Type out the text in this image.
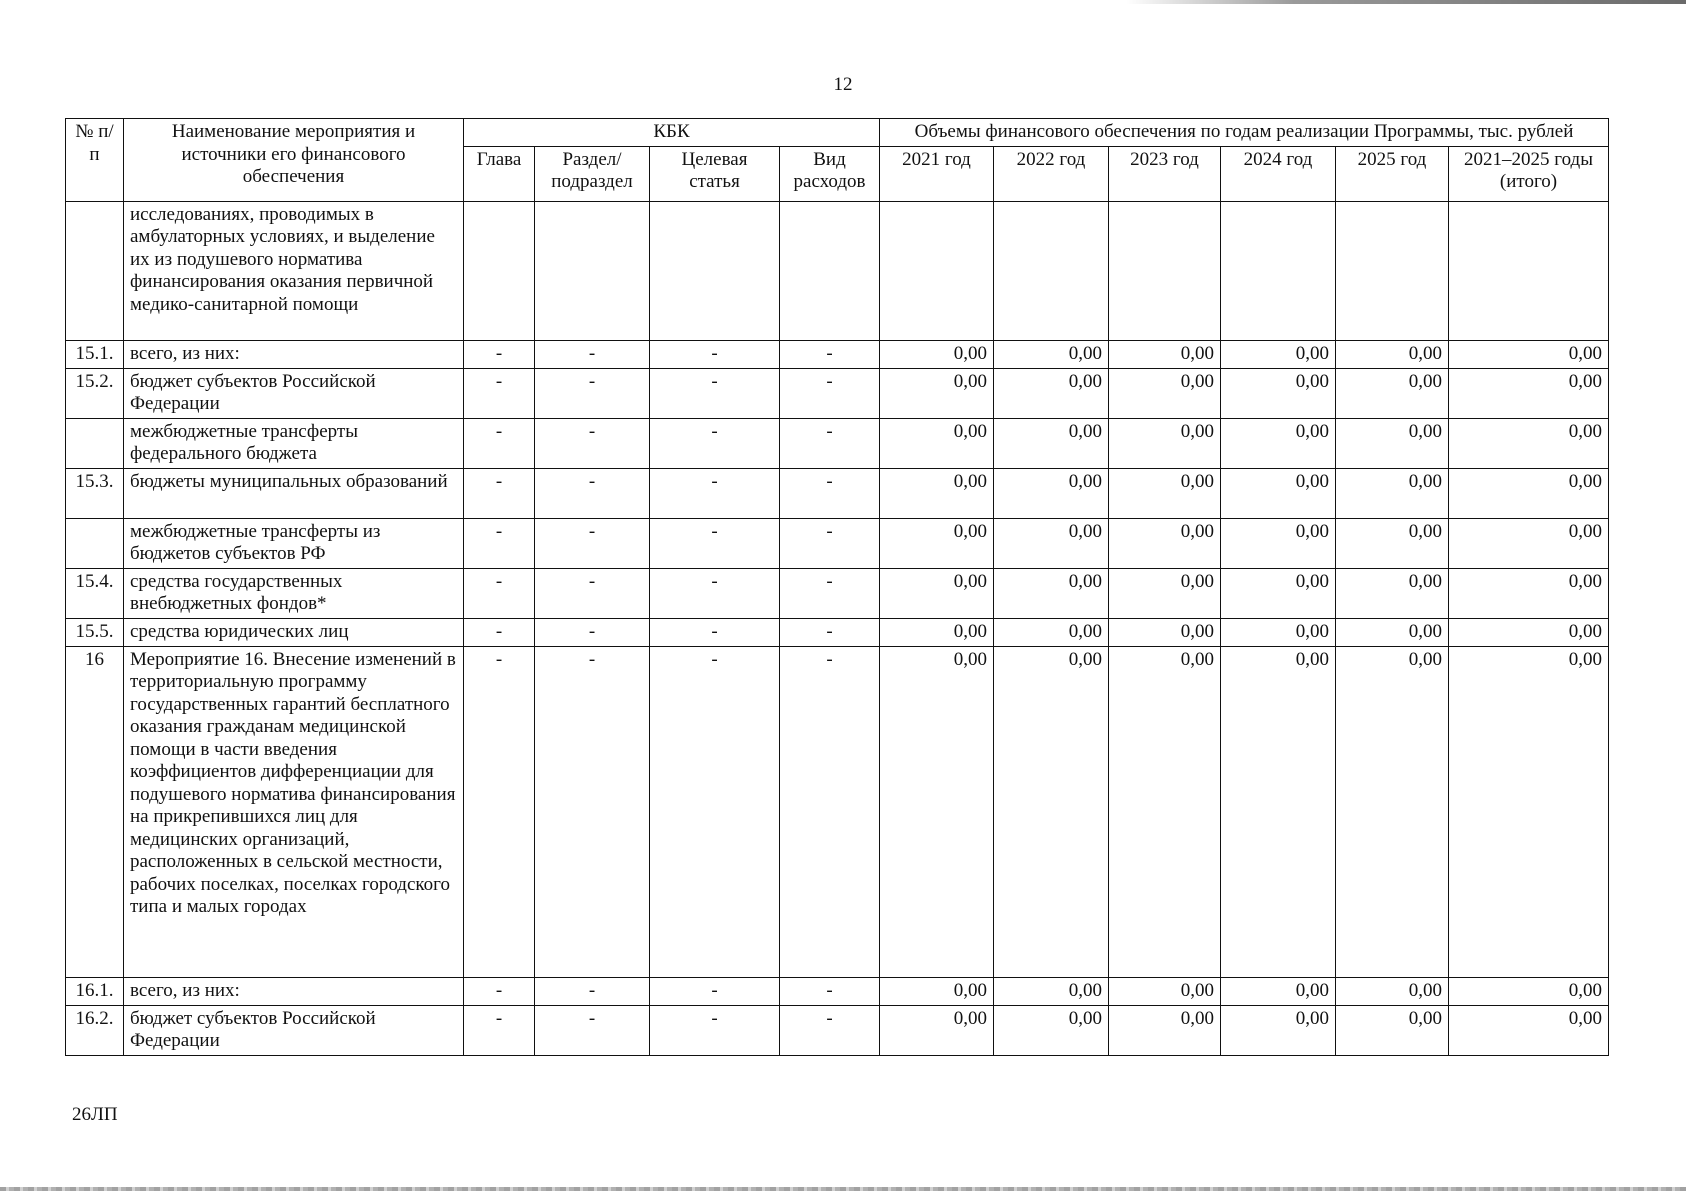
12
№ п/п	Наименование мероприятия и источники его финансового обеспечения	КБК				Объемы финансового обеспечения по годам реализации Программы, тыс. рублей					
		Глава	Раздел/ подраздел	Целевая статья	Вид расходов	2021 год	2022 год	2023 год	2024 год	2025 год	2021–2025 годы (итого)
	исследованиях, проводимых в амбулаторных условиях, и выделение их из подушевого норматива финансирования оказания первичной медико-санитарной помощи										
15.1.	всего, из них:	-	-	-	-	0,00	0,00	0,00	0,00	0,00	0,00
15.2.	бюджет субъектов Российской Федерации	-	-	-	-	0,00	0,00	0,00	0,00	0,00	0,00
	межбюджетные трансферты федерального бюджета	-	-	-	-	0,00	0,00	0,00	0,00	0,00	0,00
15.3.	бюджеты муниципальных образований	-	-	-	-	0,00	0,00	0,00	0,00	0,00	0,00
	межбюджетные трансферты из бюджетов субъектов РФ	-	-	-	-	0,00	0,00	0,00	0,00	0,00	0,00
15.4.	средства государственных внебюджетных фондов*	-	-	-	-	0,00	0,00	0,00	0,00	0,00	0,00
15.5.	средства юридических лиц	-	-	-	-	0,00	0,00	0,00	0,00	0,00	0,00
16	Мероприятие 16. Внесение изменений в территориальную программу государственных гарантий бесплатного оказания гражданам медицинской помощи в части введения коэффициентов дифференциации для подушевого норматива финансирования на прикрепившихся лиц для медицинских организаций, расположенных в сельской местности, рабочих поселках, поселках городского типа и малых городах	-	-	-	-	0,00	0,00	0,00	0,00	0,00	0,00
16.1.	всего, из них:	-	-	-	-	0,00	0,00	0,00	0,00	0,00	0,00
16.2.	бюджет субъектов Российской Федерации	-	-	-	-	0,00	0,00	0,00	0,00	0,00	0,00
26ЛП
